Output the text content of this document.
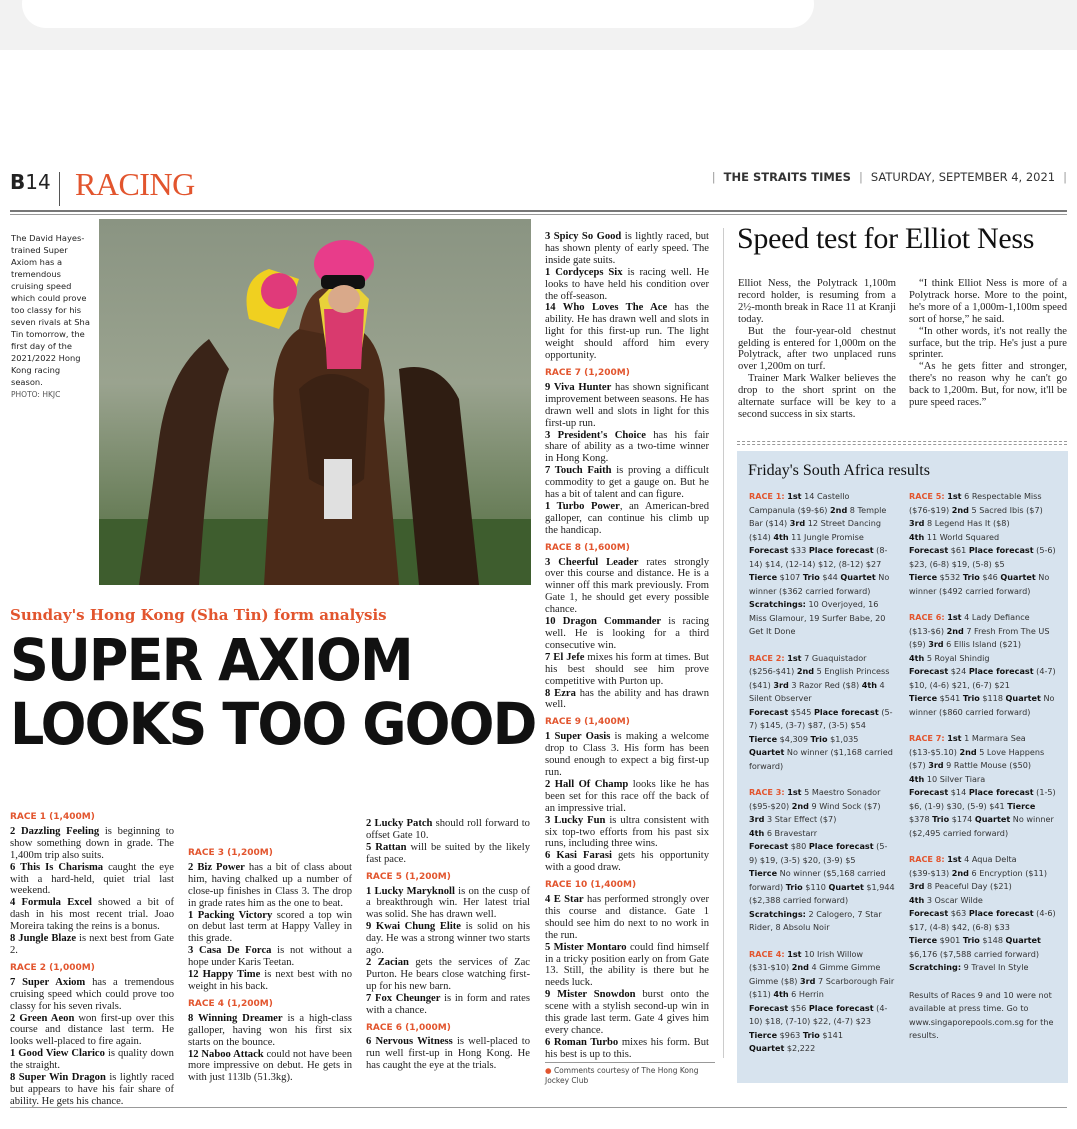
B14 RACING	| THE STRAITS TIMES | SATURDAY, SEPTEMBER 4, 2021 |
The David Hayes-trained Super Axiom has a tremendous cruising speed which could prove too classy for his seven rivals at Sha Tin tomorrow, the first day of the 2021/2022 Hong Kong racing season.
PHOTO: HKJC
Sunday's Hong Kong (Sha Tin) form analysis
SUPER AXIOM
LOOKS TOO GOOD
RACE 1 (1,400M)

2 Dazzling Feeling is beginning to show something down in grade. The 1,400m trip also suits.

6 This Is Charisma caught the eye with a hard-held, quiet trial last weekend.

4 Formula Excel showed a bit of dash in his most recent trial. Joao Moreira taking the reins is a bonus.

8 Jungle Blaze is next best from Gate 2.

RACE 2 (1,000M)

7 Super Axiom has a tremendous cruising speed which could prove too classy for his seven rivals.

2 Green Aeon won first-up over this course and distance last term. He looks well-placed to fire again.

1 Good View Clarico is quality down the straight.

8 Super Win Dragon is lightly raced but appears to have his fair share of ability. He gets his chance.

RACE 3 (1,200M)

2 Biz Power has a bit of class about him, having chalked up a number of close-up finishes in Class 3. The drop in grade rates him as the one to beat.

1 Packing Victory scored a top win on debut last term at Happy Valley in this grade.

3 Casa De Forca is not without a hope under Karis Teetan.

12 Happy Time is next best with no weight in his back.

RACE 4 (1,200M)

8 Winning Dreamer is a high-class galloper, having won his first six starts on the bounce.

12 Naboo Attack could not have been more impressive on debut. He gets in with just 113lb (51.3kg).

2 Lucky Patch should roll forward to offset Gate 10.

5 Rattan will be suited by the likely fast pace.

RACE 5 (1,200M)

1 Lucky Maryknoll is on the cusp of a breakthrough win. Her latest trial was solid. She has drawn well.

9 Kwai Chung Elite is solid on his day. He was a strong winner two starts ago.

2 Zacian gets the services of Zac Purton. He bears close watching first-up for his new barn.

7 Fox Cheunger is in form and rates with a chance.

RACE 6 (1,000M)

6 Nervous Witness is well-placed to run well first-up in Hong Kong. He has caught the eye at the trials.

3 Spicy So Good is lightly raced, but has shown plenty of early speed. The inside gate suits.

1 Cordyceps Six is racing well. He looks to have held his condition over the off-season.

14 Who Loves The Ace has the ability. He has drawn well and slots in light for this first-up run. The light weight should afford him every opportunity.

RACE 7 (1,200M)

9 Viva Hunter has shown significant improvement between seasons. He has drawn well and slots in light for this first-up run.

3 President's Choice has his fair share of ability as a two-time winner in Hong Kong.

7 Touch Faith is proving a difficult commodity to get a gauge on. But he has a bit of talent and can figure.

1 Turbo Power, an American-bred galloper, can continue his climb up the handicap.

RACE 8 (1,600M)

3 Cheerful Leader rates strongly over this course and distance. He is a winner off this mark previously. From Gate 1, he should get every possible chance.

10 Dragon Commander is racing well. He is looking for a third consecutive win.

7 El Jefe mixes his form at times. But his best should see him prove competitive with Purton up.

8 Ezra has the ability and has drawn well.

RACE 9 (1,400M)

1 Super Oasis is making a welcome drop to Class 3. His form has been sound enough to expect a big first-up run.

2 Hall Of Champ looks like he has been set for this race off the back of an impressive trial.

3 Lucky Fun is ultra consistent with six top-two efforts from his past six runs, including three wins.

6 Kasi Farasi gets his opportunity with a good draw.

RACE 10 (1,400M)

4 E Star has performed strongly over this course and distance. Gate 1 should see him do next to no work in the run.

5 Mister Montaro could find himself in a tricky position early on from Gate 13. Still, the ability is there but he needs luck.

9 Mister Snowdon burst onto the scene with a stylish second-up win in this grade last term. Gate 4 gives him every chance.

6 Roman Turbo mixes his form. But his best is up to this.

● Comments courtesy of The Hong Kong Jockey Club
Speed test for Elliot Ness

Elliot Ness, the Polytrack 1,100m record holder, is resuming from a 2½-month break in Race 11 at Kranji today.

But the four-year-old chestnut gelding is entered for 1,000m on the Polytrack, after two unplaced runs over 1,200m on turf.

Trainer Mark Walker believes the drop to the short sprint on the alternate surface will be key to a second success in six starts.

“I think Elliot Ness is more of a Polytrack horse. More to the point, he's more of a 1,000m-1,100m speed sort of horse,” he said.

“In other words, it's not really the surface, but the trip. He's just a pure sprinter.

“As he gets fitter and stronger, there's no reason why he can't go back to 1,200m. But, for now, it'll be pure speed races.”

Friday's South Africa results
RACE 1: 1st 14 Castello Campanula ($9-$6) 2nd 8 Temple Bar ($14) 3rd 12 Street Dancing ($14) 4th 11 Jungle Promise
Forecast $33 Place forecast (8-14) $14, (12-14) $12, (8-12) $27
Tierce $107 Trio $44 Quartet No winner ($362 carried forward)
Scratchings: 10 Overjoyed, 16 Miss Glamour, 19 Surfer Babe, 20 Get It Done
RACE 2: 1st 7 Guaquistador ($256-$41) 2nd 5 English Princess ($41) 3rd 3 Razor Red ($8) 4th 4 Silent Observer
Forecast $545 Place forecast (5-7) $145, (3-7) $87, (3-5) $54
Tierce $4,309 Trio $1,035
Quartet No winner ($1,168 carried forward)
RACE 3: 1st 5 Maestro Sonador ($95-$20) 2nd 9 Wind Sock ($7) 3rd 3 Star Effect ($7)
4th 6 Bravestarr
Forecast $80 Place forecast (5-9) $19, (3-5) $20, (3-9) $5
Tierce No winner ($5,168 carried forward) Trio $110 Quartet $1,944 ($2,388 carried forward)
Scratchings: 2 Calogero, 7 Star Rider, 8 Absolu Noir
RACE 4: 1st 10 Irish Willow ($31-$10) 2nd 4 Gimme Gimme Gimme ($8) 3rd 7 Scarborough Fair ($11) 4th 6 Herrin
Forecast $56 Place forecast (4-10) $18, (7-10) $22, (4-7) $23
Tierce $963 Trio $141
Quartet $2,222
RACE 5: 1st 6 Respectable Miss ($76-$19) 2nd 5 Sacred Ibis ($7)
3rd 8 Legend Has It ($8)
4th 11 World Squared
Forecast $61 Place forecast (5-6) $23, (6-8) $19, (5-8) $5
Tierce $532 Trio $46 Quartet No winner ($492 carried forward)
RACE 6: 1st 4 Lady Defiance ($13-$6) 2nd 7 Fresh From The US ($9) 3rd 6 Ellis Island ($21)
4th 5 Royal Shindig
Forecast $24 Place forecast (4-7) $10, (4-6) $21, (6-7) $21
Tierce $541 Trio $118 Quartet No winner ($860 carried forward)
RACE 7: 1st 1 Marmara Sea ($13-$5.10) 2nd 5 Love Happens ($7) 3rd 9 Rattle Mouse ($50)
4th 10 Silver Tiara
Forecast $14 Place forecast (1-5) $6, (1-9) $30, (5-9) $41 Tierce $378 Trio $174 Quartet No winner ($2,495 carried forward)
RACE 8: 1st 4 Aqua Delta ($39-$13) 2nd 6 Encryption ($11)
3rd 8 Peaceful Day ($21)
4th 3 Oscar Wilde
Forecast $63 Place forecast (4-6) $17, (4-8) $42, (6-8) $33
Tierce $901 Trio $148 Quartet $6,176 ($7,588 carried forward)
Scratching: 9 Travel In Style
Results of Races 9 and 10 were not available at press time. Go to www.singaporepools.com.sg for the results.
